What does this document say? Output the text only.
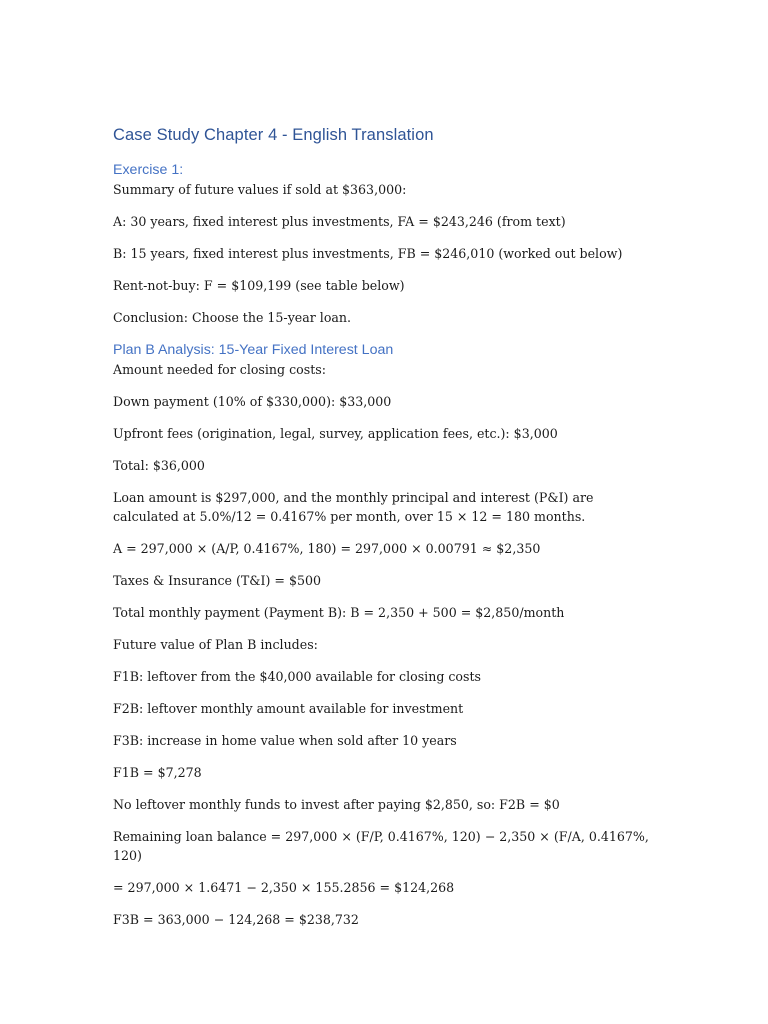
Case Study Chapter 4 - English Translation
Exercise 1:
Summary of future values if sold at $363,000:
A: 30 years, fixed interest plus investments, FA = $243,246 (from text)
B: 15 years, fixed interest plus investments, FB = $246,010 (worked out below)
Rent-not-buy: F = $109,199 (see table below)
Conclusion: Choose the 15-year loan.
Plan B Analysis: 15-Year Fixed Interest Loan
Amount needed for closing costs:
Down payment (10% of $330,000): $33,000
Upfront fees (origination, legal, survey, application fees, etc.): $3,000
Total: $36,000
Loan amount is $297,000, and the monthly principal and interest (P&I) are calculated at 5.0%/12 = 0.4167% per month, over 15 × 12 = 180 months.
A = 297,000 × (A/P, 0.4167%, 180) = 297,000 × 0.00791 ≈ $2,350
Taxes & Insurance (T&I) = $500
Total monthly payment (Payment B): B = 2,350 + 500 = $2,850/month
Future value of Plan B includes:
F1B: leftover from the $40,000 available for closing costs
F2B: leftover monthly amount available for investment
F3B: increase in home value when sold after 10 years
F1B = $7,278
No leftover monthly funds to invest after paying $2,850, so: F2B = $0
Remaining loan balance = 297,000 × (F/P, 0.4167%, 120) − 2,350 × (F/A, 0.4167%, 120)
= 297,000 × 1.6471 − 2,350 × 155.2856 = $124,268
F3B = 363,000 − 124,268 = $238,732
